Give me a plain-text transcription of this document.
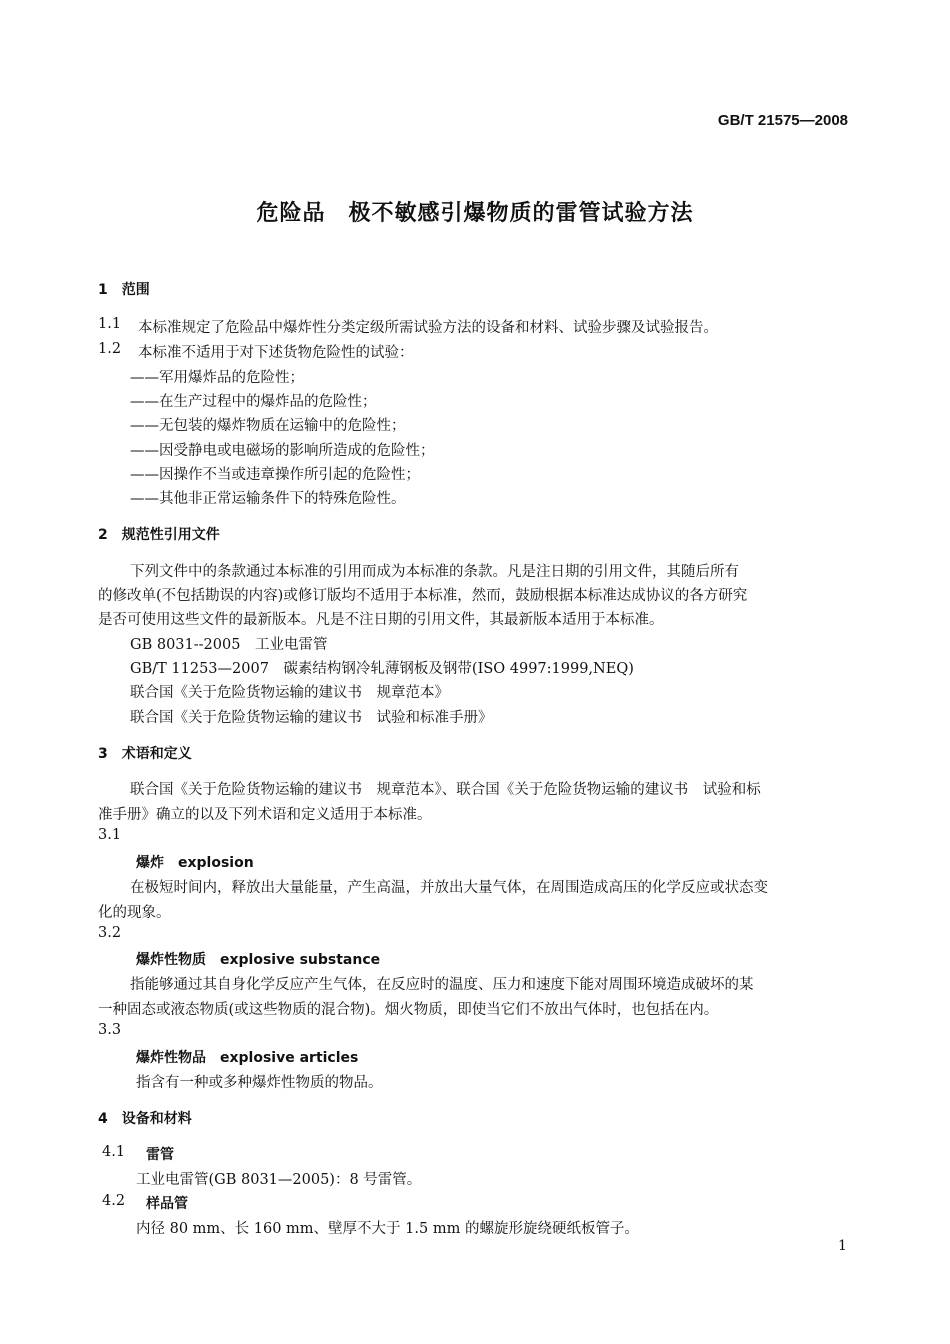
GB/T 21575—2008
危险品　极不敏感引爆物质的雷管试验方法
1　范围
1.1 本标准规定了危险品中爆炸性分类定级所需试验方法的设备和材料、试验步骤及试验报告。
1.2 本标准不适用于对下述货物危险性的试验：
——军用爆炸品的危险性；
——在生产过程中的爆炸品的危险性；
——无包装的爆炸物质在运输中的危险性；
——因受静电或电磁场的影响所造成的危险性；
——因操作不当或违章操作所引起的危险性；
——其他非正常运输条件下的特殊危险性。
2　规范性引用文件
下列文件中的条款通过本标准的引用而成为本标准的条款。凡是注日期的引用文件，其随后所有
的修改单(不包括勘误的内容)或修订版均不适用于本标准，然而，鼓励根据本标准达成协议的各方研究
是否可使用这些文件的最新版本。凡是不注日期的引用文件，其最新版本适用于本标准。
GB 8031--2005　工业电雷管
GB/T 11253—2007　碳素结构钢冷轧薄钢板及钢带(ISO 4997:1999,NEQ)
联合国《关于危险货物运输的建议书　规章范本》
联合国《关于危险货物运输的建议书　试验和标准手册》
3　术语和定义
联合国《关于危险货物运输的建议书　规章范本》、联合国《关于危险货物运输的建议书　试验和标
准手册》确立的以及下列术语和定义适用于本标准。
3.1
爆炸　explosion
在极短时间内，释放出大量能量，产生高温，并放出大量气体，在周围造成高压的化学反应或状态变
化的现象。
3.2
爆炸性物质　explosive substance
指能够通过其自身化学反应产生气体，在反应时的温度、压力和速度下能对周围环境造成破坏的某
一种固态或液态物质(或这些物质的混合物)。烟火物质，即使当它们不放出气体时，也包括在内。
3.3
爆炸性物品　explosive articles
指含有一种或多种爆炸性物质的物品。
4　设备和材料
4.1 雷管
工业电雷管(GB 8031—2005)：8 号雷管。
4.2 样品管
内径 80 mm、长 160 mm、壁厚不大于 1.5 mm 的螺旋形旋绕硬纸板管子。
1
